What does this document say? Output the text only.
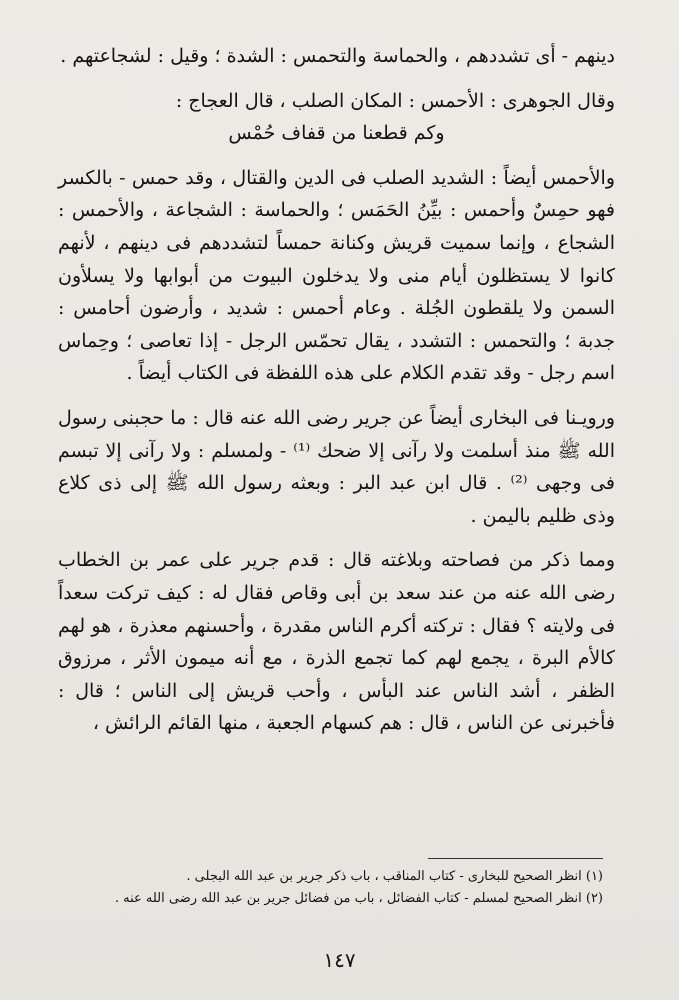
دينهم - أى تشددهم ، والحماسة والتحمس : الشدة ؛ وقيل : لشجاعتهم .

وقال الجوهرى : الأحمس : المكان الصلب ، قال العجاج :

وكم قطعنا من قفاف حُمْس

والأحمس أيضاً : الشديد الصلب فى الدين والقتال ، وقد حمس - بالكسر فهو حمِسٌ وأحمس : بيِّنُ الحَمَس ؛ والحماسة : الشجاعة ، والأحمس : الشجاع ، وإنما سميت قريش وكنانة حمساً لتشددهم فى دينهم ، لأنهم كانوا لا يستظلون أيام منى ولا يدخلون البيوت من أبوابها ولا يسلأون السمن ولا يلقطون الجُلة . وعام أحمس : شديد ، وأرضون أحامس : جدبة ؛ والتحمس : التشدد ، يقال تحمّس الرجل - إذا تعاصى ؛ وحِماس اسم رجل - وقد تقدم الكلام على هذه اللفظة فى الكتاب أيضاً .

ورويـنا فى البخارى أيضاً عن جرير رضى الله عنه قال : ما حجبنى رسول الله ﷺ منذ أسلمت ولا رآنى إلا ضحك ⁽¹⁾ - ولمسلم : ولا رآنى إلا تبسم فى وجهى ⁽²⁾ . قال ابن عبد البر : وبعثه رسول الله ﷺ إلى ذى كلاع وذى ظليم باليمن .

ومما ذكر من فصاحته وبلاغته قال : قدم جرير على عمر بن الخطاب رضى الله عنه من عند سعد بن أبى وقاص فقال له : كيف تركت سعداً فى ولايته ؟ فقال : تركته أكرم الناس مقدرة ، وأحسنهم معذرة ، هو لهم كالأم البرة ، يجمع لهم كما تجمع الذرة ، مع أنه ميمون الأثر ، مرزوق الظفر ، أشد الناس عند البأس ، وأحب قريش إلى الناس ؛ قال : فأخبرنى عن الناس ، قال : هم كسهام الجعبة ، منها القائم الرائش ،

(١) انظر الصحيح للبخارى - كتاب المناقب ، باب ذكر جرير بن عبد الله البجلى .

(٢) انظر الصحيح لمسلم - كتاب الفضائل ، باب من فضائل جرير بن عبد الله رضى الله عنه .

١٤٧
